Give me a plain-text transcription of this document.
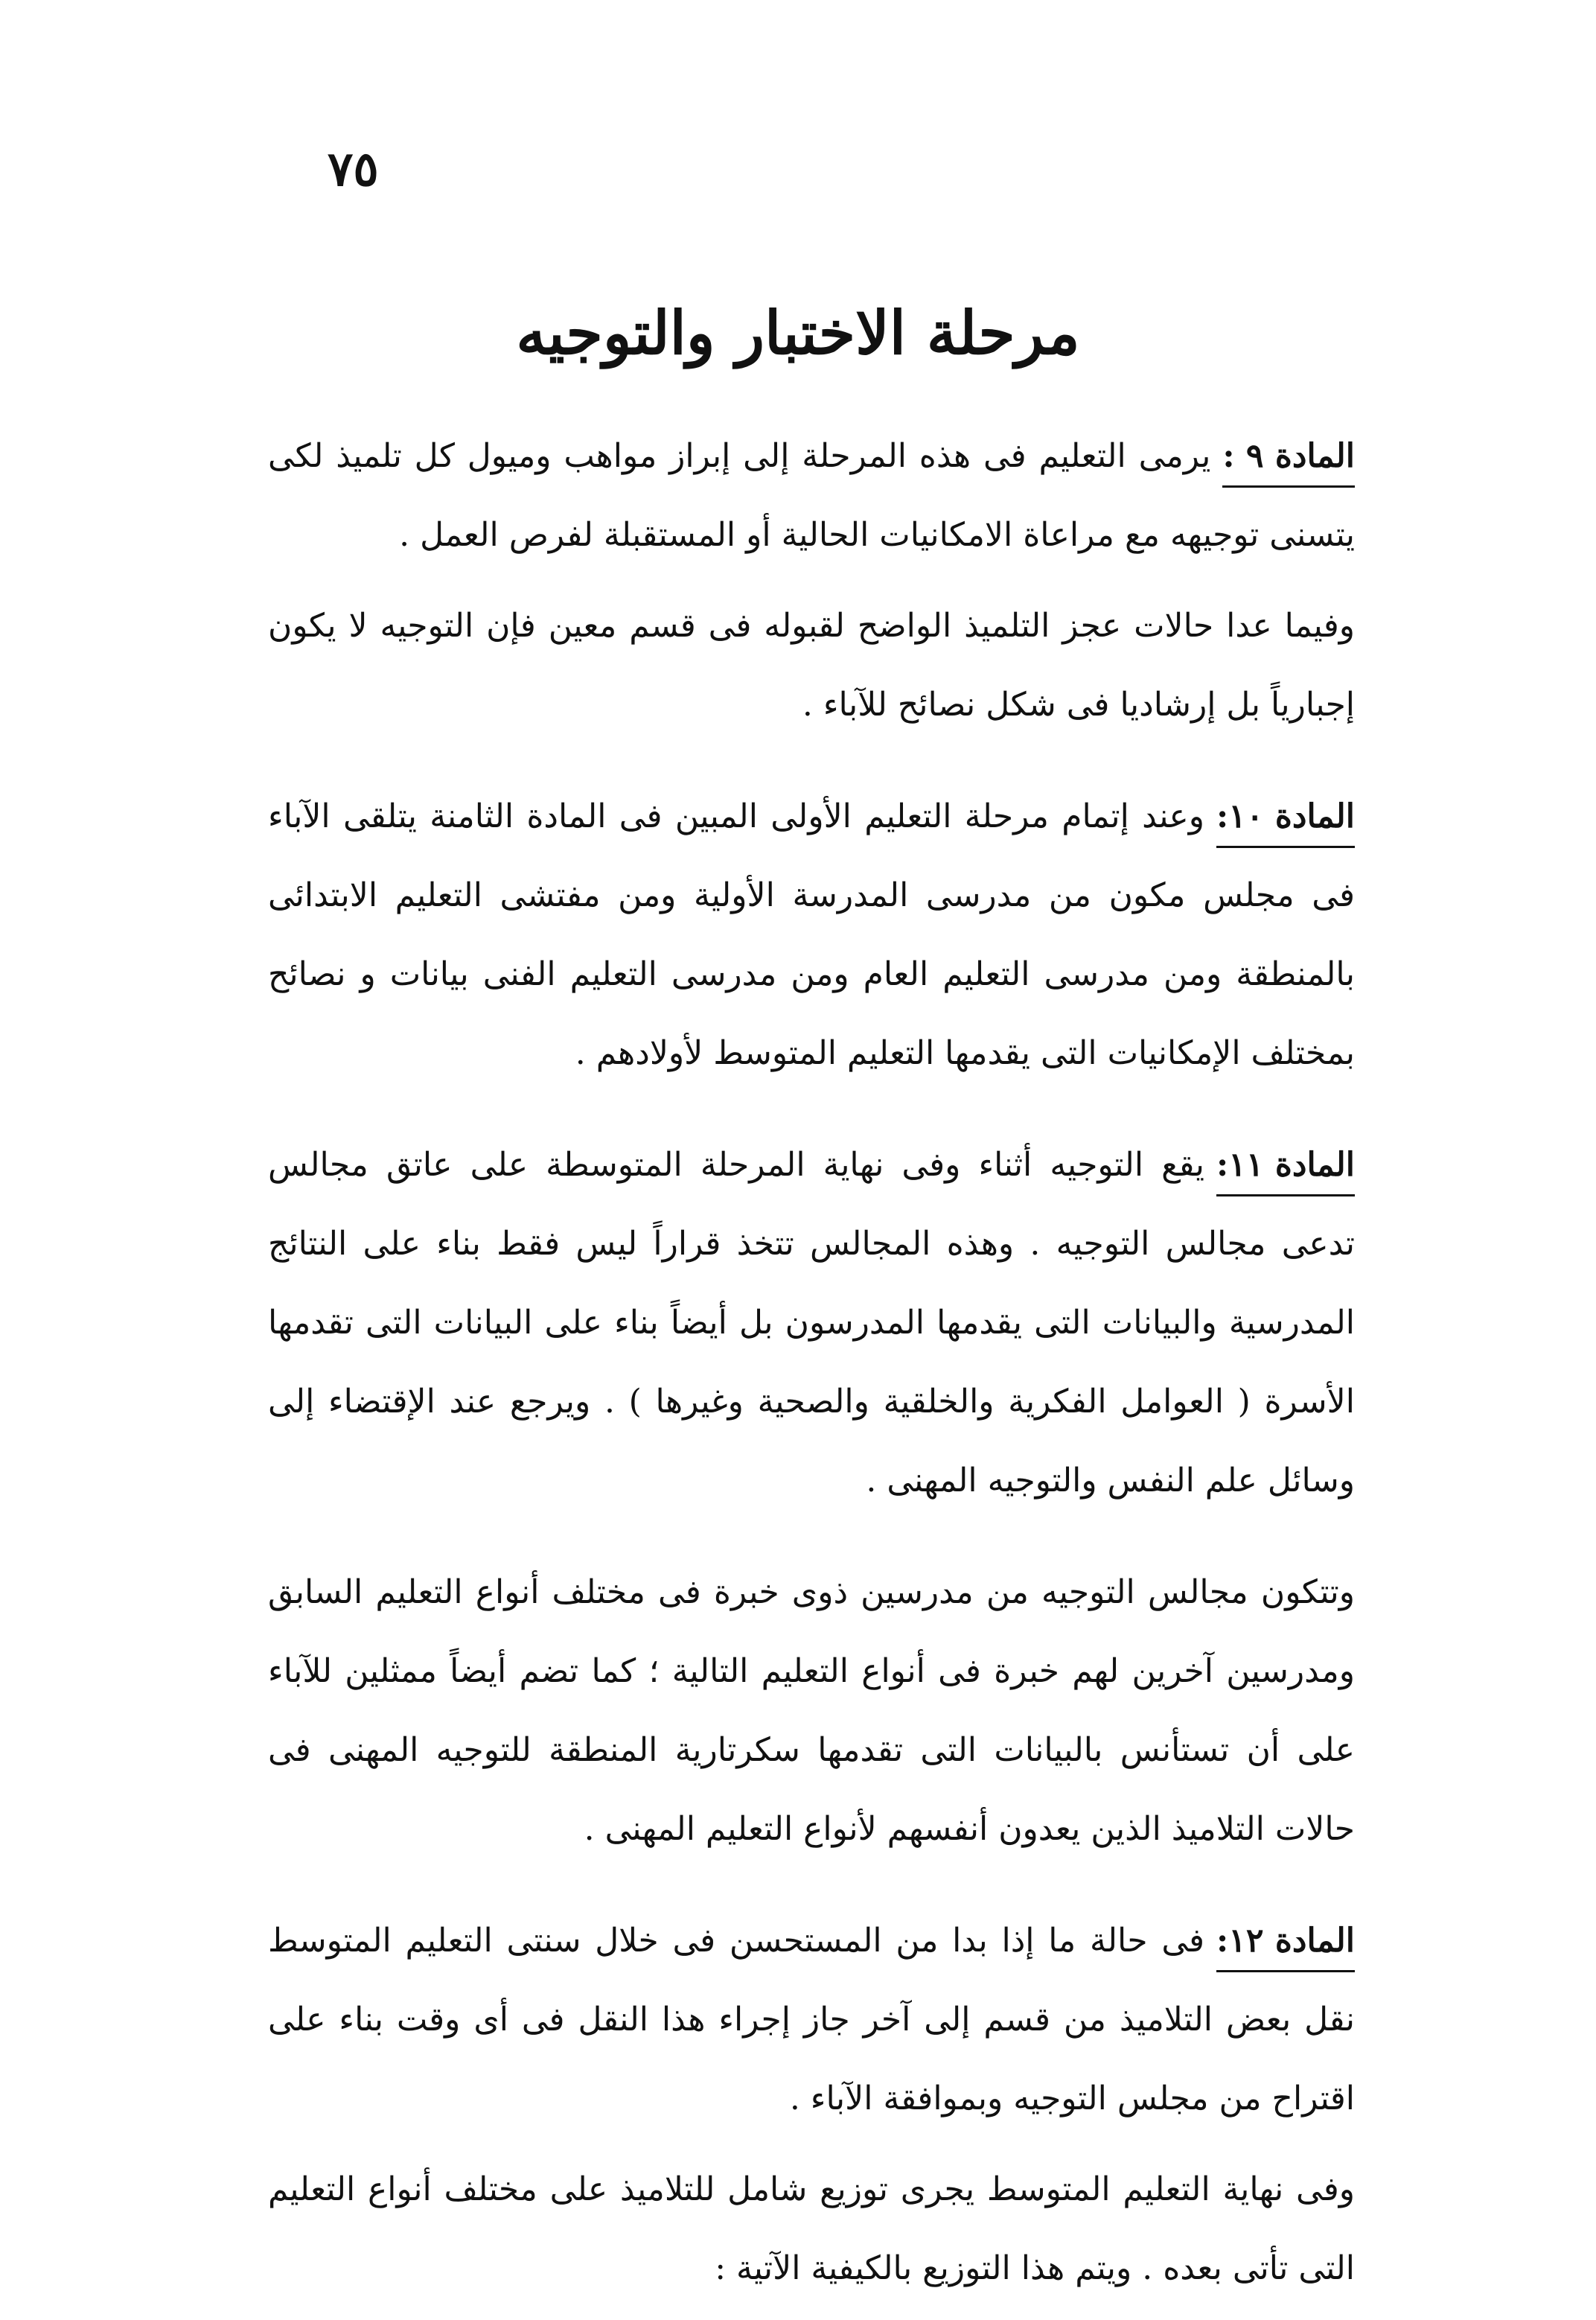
٧٥
مرحلة الاختبار والتوجيه

المادة ٩ :يرمى التعليم فى هذه المرحلة إلى إبراز مواهب وميول كل تلميذ لكى يتسنى توجيهه مع مراعاة الامكانيات الحالية أو المستقبلة لفرص العمل .

وفيما عدا حالات عجز التلميذ الواضح لقبوله فى قسم معين فإن التوجيه لا يكون إجبارياً بل إرشاديا فى شكل نصائح للآباء .

المادة ١٠:وعند إتمام مرحلة التعليم الأولى المبين فى المادة الثامنة يتلقى الآباء فى مجلس مكون من مدرسى المدرسة الأولية ومن مفتشى التعليم الابتدائى بالمنطقة ومن مدرسى التعليم العام ومن مدرسى التعليم الفنى بيانات و نصائح بمختلف الإمكانيات التى يقدمها التعليم المتوسط لأولادهم .

المادة ١١:يقع التوجيه أثناء وفى نهاية المرحلة المتوسطة على عاتق مجالس تدعى مجالس التوجيه . وهذه المجالس تتخذ قراراً ليس فقط بناء على النتائج المدرسية والبيانات التى يقدمها المدرسون بل أيضاً بناء على البيانات التى تقدمها الأسرة ( العوامل الفكرية والخلقية والصحية وغيرها ) . ويرجع عند الإقتضاء إلى وسائل علم النفس والتوجيه المهنى .

وتتكون مجالس التوجيه من مدرسين ذوى خبرة فى مختلف أنواع التعليم السابق ومدرسين آخرين لهم خبرة فى أنواع التعليم التالية ؛ كما تضم أيضاً ممثلين للآباء على أن تستأنس بالبيانات التى تقدمها سكرتارية المنطقة للتوجيه المهنى فى حالات التلاميذ الذين يعدون أنفسهم لأنواع التعليم المهنى .

المادة ١٢:فى حالة ما إذا بدا من المستحسن فى خلال سنتى التعليم المتوسط نقل بعض التلاميذ من قسم إلى آخر جاز إجراء هذا النقل فى أى وقت بناء على اقتراح من مجلس التوجيه وبموافقة الآباء .

وفى نهاية التعليم المتوسط يجرى توزيع شامل للتلاميذ على مختلف أنواع التعليم التى تأتى بعده . ويتم هذا التوزيع بالكيفية الآتية :
